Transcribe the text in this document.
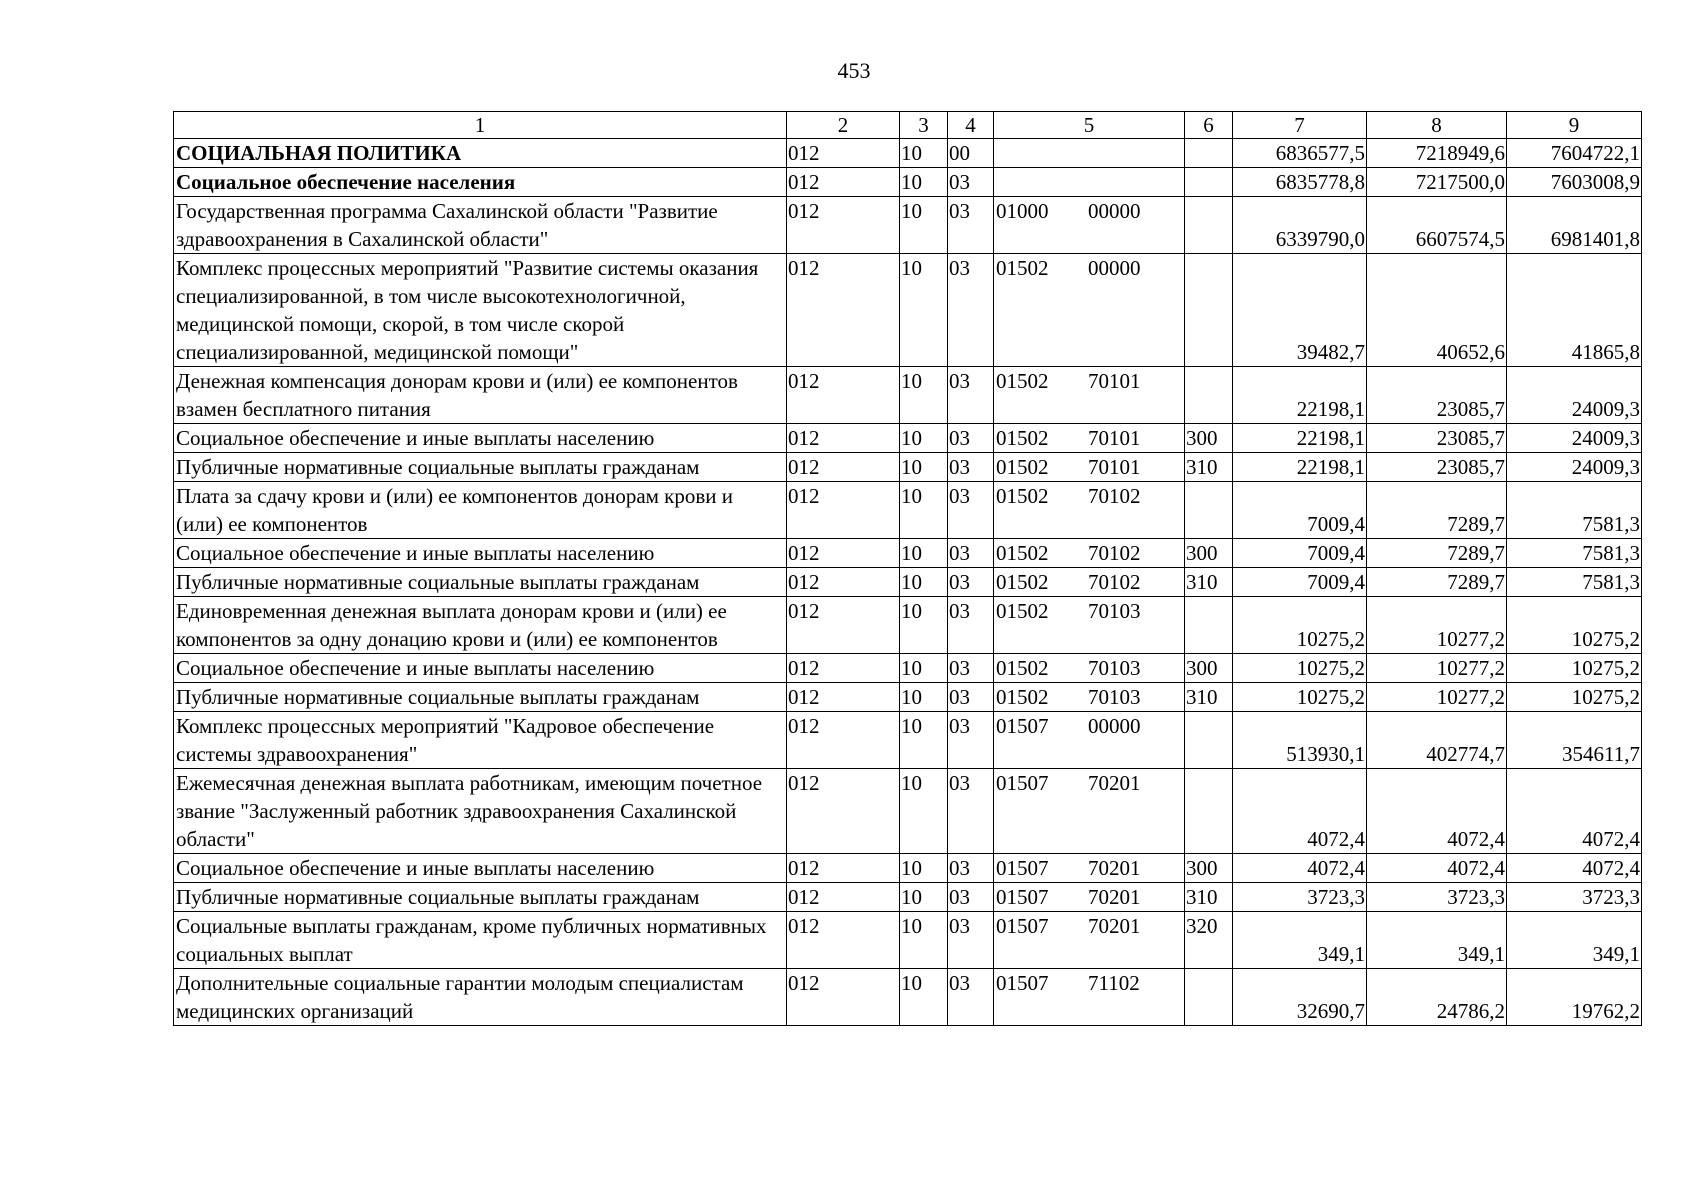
453
1	2	3	4	5	6	7	8	9
СОЦИАЛЬНАЯ ПОЛИТИКА	012	10	00			6836577,5	7218949,6	7604722,1
Социальное обеспечение населения	012	10	03			6835778,8	7217500,0	7603008,9
Государственная программа Сахалинской области "Развитие здравоохранения в Сахалинской области"	012	10	03	01000 00000		6339790,0	6607574,5	6981401,8
Комплекс процессных мероприятий "Развитие системы оказания специализированной, в том числе высокотехнологичной, медицинской помощи, скорой, в том числе скорой специализированной, медицинской помощи"	012	10	03	01502 00000		39482,7	40652,6	41865,8
Денежная компенсация донорам крови и (или) ее компонентов взамен бесплатного питания	012	10	03	01502 70101		22198,1	23085,7	24009,3
Социальное обеспечение и иные выплаты населению	012	10	03	01502 70101	300	22198,1	23085,7	24009,3
Публичные нормативные социальные выплаты гражданам	012	10	03	01502 70101	310	22198,1	23085,7	24009,3
Плата за сдачу крови и (или) ее компонентов донорам крови и (или) ее компонентов	012	10	03	01502 70102		7009,4	7289,7	7581,3
Социальное обеспечение и иные выплаты населению	012	10	03	01502 70102	300	7009,4	7289,7	7581,3
Публичные нормативные социальные выплаты гражданам	012	10	03	01502 70102	310	7009,4	7289,7	7581,3
Единовременная денежная выплата донорам крови и (или) ее компонентов за одну донацию крови и (или) ее компонентов	012	10	03	01502 70103		10275,2	10277,2	10275,2
Социальное обеспечение и иные выплаты населению	012	10	03	01502 70103	300	10275,2	10277,2	10275,2
Публичные нормативные социальные выплаты гражданам	012	10	03	01502 70103	310	10275,2	10277,2	10275,2
Комплекс процессных мероприятий "Кадровое обеспечение системы здравоохранения"	012	10	03	01507 00000		513930,1	402774,7	354611,7
Ежемесячная денежная выплата работникам, имеющим почетное звание "Заслуженный работник здравоохранения Сахалинской области"	012	10	03	01507 70201		4072,4	4072,4	4072,4
Социальное обеспечение и иные выплаты населению	012	10	03	01507 70201	300	4072,4	4072,4	4072,4
Публичные нормативные социальные выплаты гражданам	012	10	03	01507 70201	310	3723,3	3723,3	3723,3
Социальные выплаты гражданам, кроме публичных нормативных социальных выплат	012	10	03	01507 70201	320	349,1	349,1	349,1
Дополнительные социальные гарантии молодым специалистам медицинских организаций	012	10	03	01507 71102		32690,7	24786,2	19762,2
